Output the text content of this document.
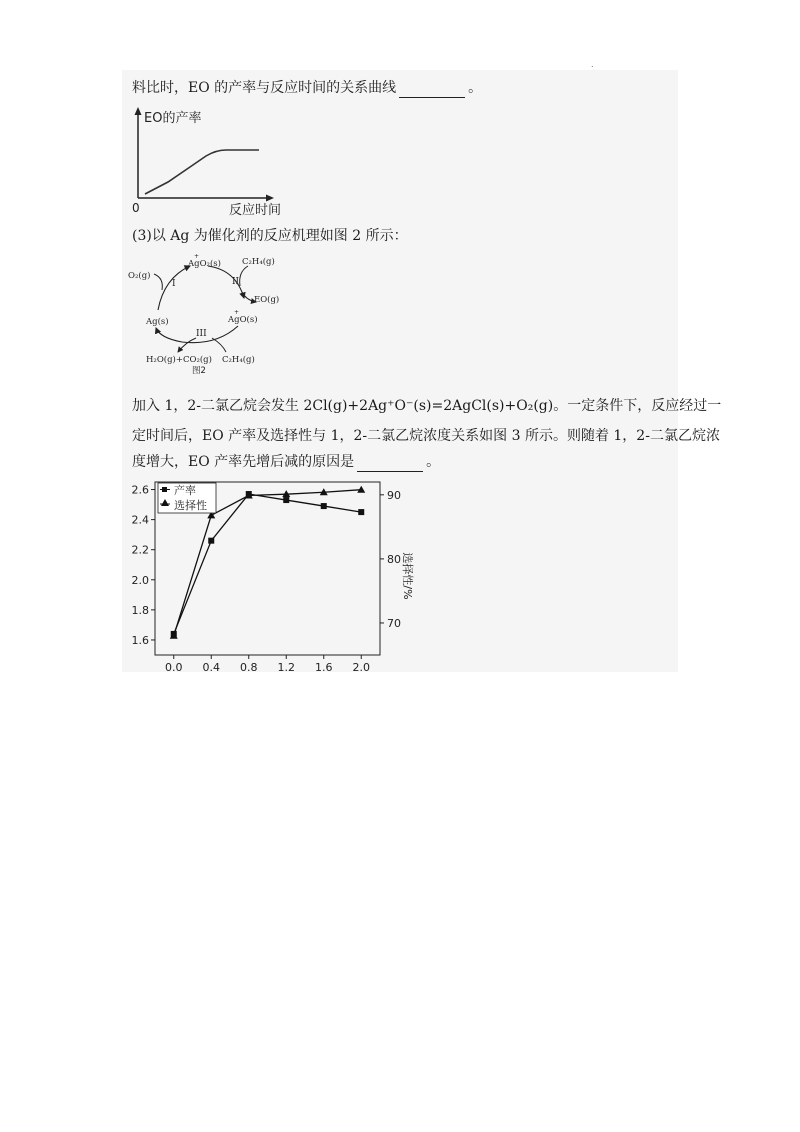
.
料比时，EO 的产率与反应时间的关系曲线	。
EO的产率
0	反应时间
(3)以 Ag 为催化剂的反应机理如图 2 所示：
AgO₂(s)
+
AgO(s)
+
Ag(s)
O₂(g)
C₂H₄(g)
EO(g)
H₂O(g)+CO₂(g) C₂H₄(g)
I	II
III
图2
加入 1，2-二氯乙烷会发生 2Cl(g)+2Ag⁺O⁻(s)=2AgCl(s)+O₂(g)。一定条件下，反应经过一
定时间后，EO 产率及选择性与 1，2-二氯乙烷浓度关系如图 3 所示。则随着 1，2-二氯乙烷浓
度增大，EO 产率先增后减的原因是	。
0.0 0.4 0.8 1.2 1.6 2.0
1.6
1.8
2.0
2.2
2.4
2.6
70
80
90
选择性/%
产率
选择性
